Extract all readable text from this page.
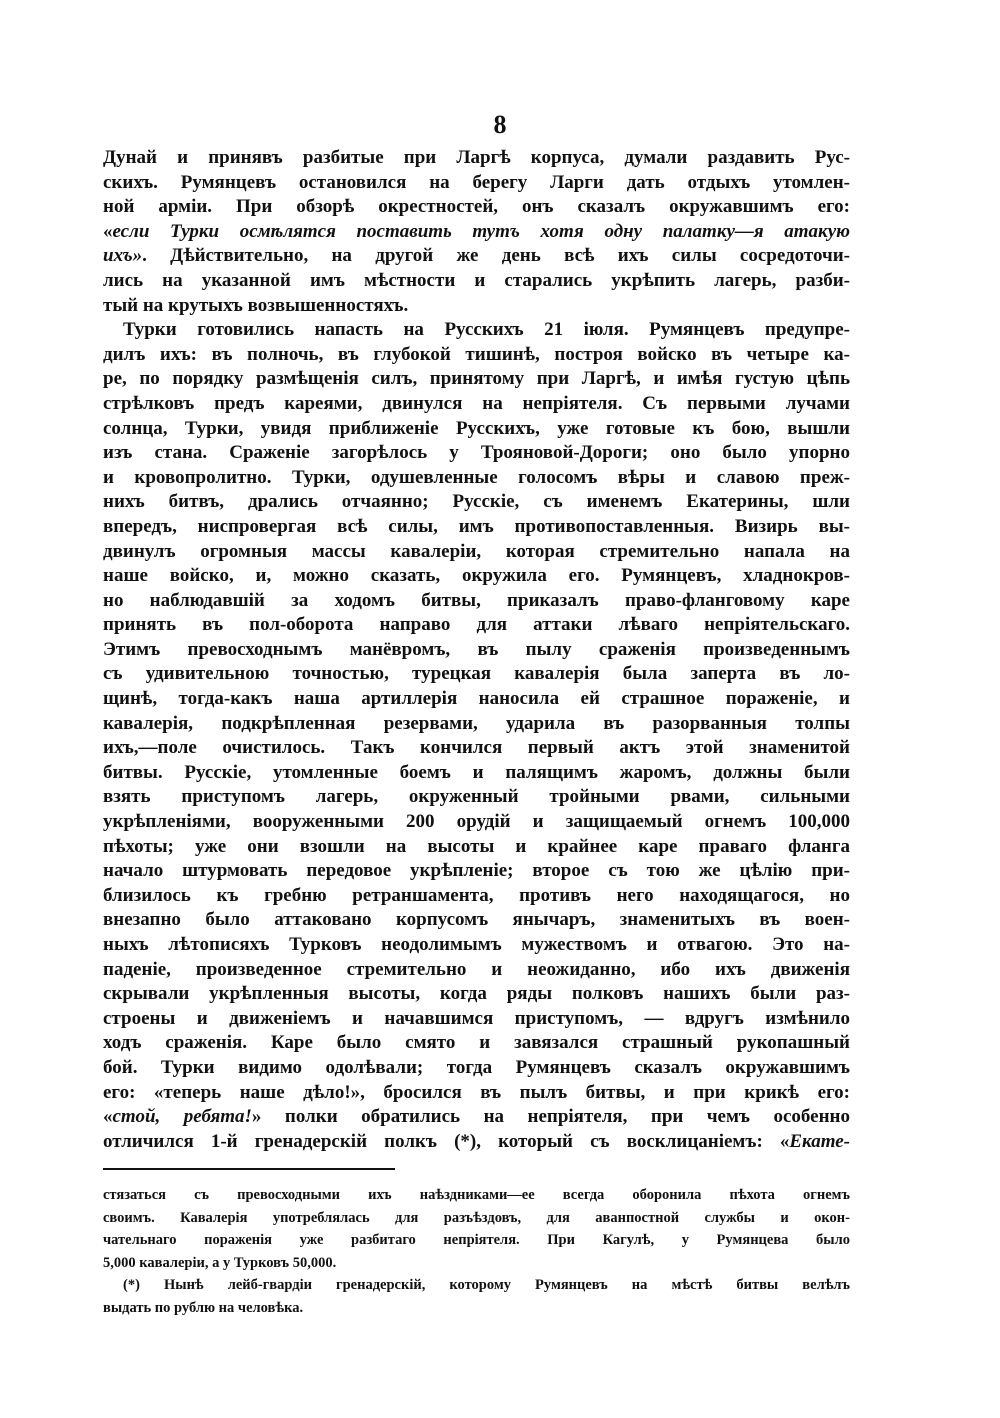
8
Дунай и принявъ разбитые при Ларгѣ корпуса, думали раздавить Рус-
скихъ. Румянцевъ остановился на берегу Ларги дать отдыхъ утомлен-
ной арміи. При обзорѣ окрестностей, онъ сказалъ окружавшимъ его:
«если Турки осмѣлятся поставить тутъ хотя одну палатку—я атакую
ихъ». Дѣйствительно, на другой же день всѣ ихъ силы сосредоточи-
лись на указанной имъ мѣстности и старались укрѣпить лагерь, разби-
тый на крутыхъ возвышенностяхъ.
Турки готовились напасть на Русскихъ 21 іюля. Румянцевъ предупре-
дилъ ихъ: въ полночь, въ глубокой тишинѣ, построя войско въ четыре ка-
ре, по порядку размѣщенія силъ, принятому при Ларгѣ, и имѣя густую цѣпь
стрѣлковъ предъ кареями, двинулся на непріятеля. Съ первыми лучами
солнца, Турки, увидя приближеніе Русскихъ, уже готовые къ бою, вышли
изъ стана. Сраженіе загорѣлось у Трояновой-Дороги; оно было упорно
и кровопролитно. Турки, одушевленные голосомъ вѣры и славою преж-
нихъ битвъ, дрались отчаянно; Русскіе, съ именемъ Екатерины, шли
впередъ, ниспровергая всѣ силы, имъ противопоставленныя. Визирь вы-
двинулъ огромныя массы кавалеріи, которая стремительно напала на
наше войско, и, можно сказать, окружила его. Румянцевъ, хладнокров-
но наблюдавшій за ходомъ битвы, приказалъ право-фланговому каре
принять въ пол-оборота направо для аттаки лѣваго непріятельскаго.
Этимъ превосходнымъ манёвромъ, въ пылу сраженія произведеннымъ
съ удивительною точностью, турецкая кавалерія была заперта въ ло-
щинѣ, тогда-какъ наша артиллерія наносила ей страшное пораженіе, и
кавалерія, подкрѣпленная резервами, ударила въ разорванныя толпы
ихъ,—поле очистилось. Такъ кончился первый актъ этой знаменитой
битвы. Русскіе, утомленные боемъ и палящимъ жаромъ, должны были
взять приступомъ лагерь, окруженный тройными рвами, сильными
укрѣпленіями, вооруженными 200 орудій и защищаемый огнемъ 100,000
пѣхоты; уже они взошли на высоты и крайнее каре праваго фланга
начало штурмовать передовое укрѣпленіе; второе съ тою же цѣлію при-
близилось къ гребню ретраншамента, противъ него находящагося, но
внезапно было аттаковано корпусомъ янычаръ, знаменитыхъ въ воен-
ныхъ лѣтописяхъ Турковъ неодолимымъ мужествомъ и отвагою. Это на-
паденіе, произведенное стремительно и неожиданно, ибо ихъ движенія
скрывали укрѣпленныя высоты, когда ряды полковъ нашихъ были раз-
строены и движеніемъ и начавшимся приступомъ, — вдругъ измѣнило
ходъ сраженія. Каре было смято и завязался страшный рукопашный
бой. Турки видимо одолѣвали; тогда Румянцевъ сказалъ окружавшимъ
его: «теперь наше дѣло!», бросился въ пылъ битвы, и при крикѣ его:
«стой, ребята!» полки обратились на непріятеля, при чемъ особенно
отличился 1-й гренадерскій полкъ (*), который съ восклицаніемъ: «Екате-
стязаться съ превосходными ихъ наѣздниками—ее всегда оборонила пѣхота огнемъ
своимъ. Кавалерія употреблялась для разъѣздовъ, для аванпостной службы и окон-
чательнаго пораженія уже разбитаго непріятеля. При Кагулѣ, у Румянцева было
5,000 кавалеріи, а у Турковъ 50,000.
(*) Нынѣ лейб-гвардіи гренадерскій, которому Румянцевъ на мѣстѣ битвы велѣлъ
выдать по рублю на человѣка.
